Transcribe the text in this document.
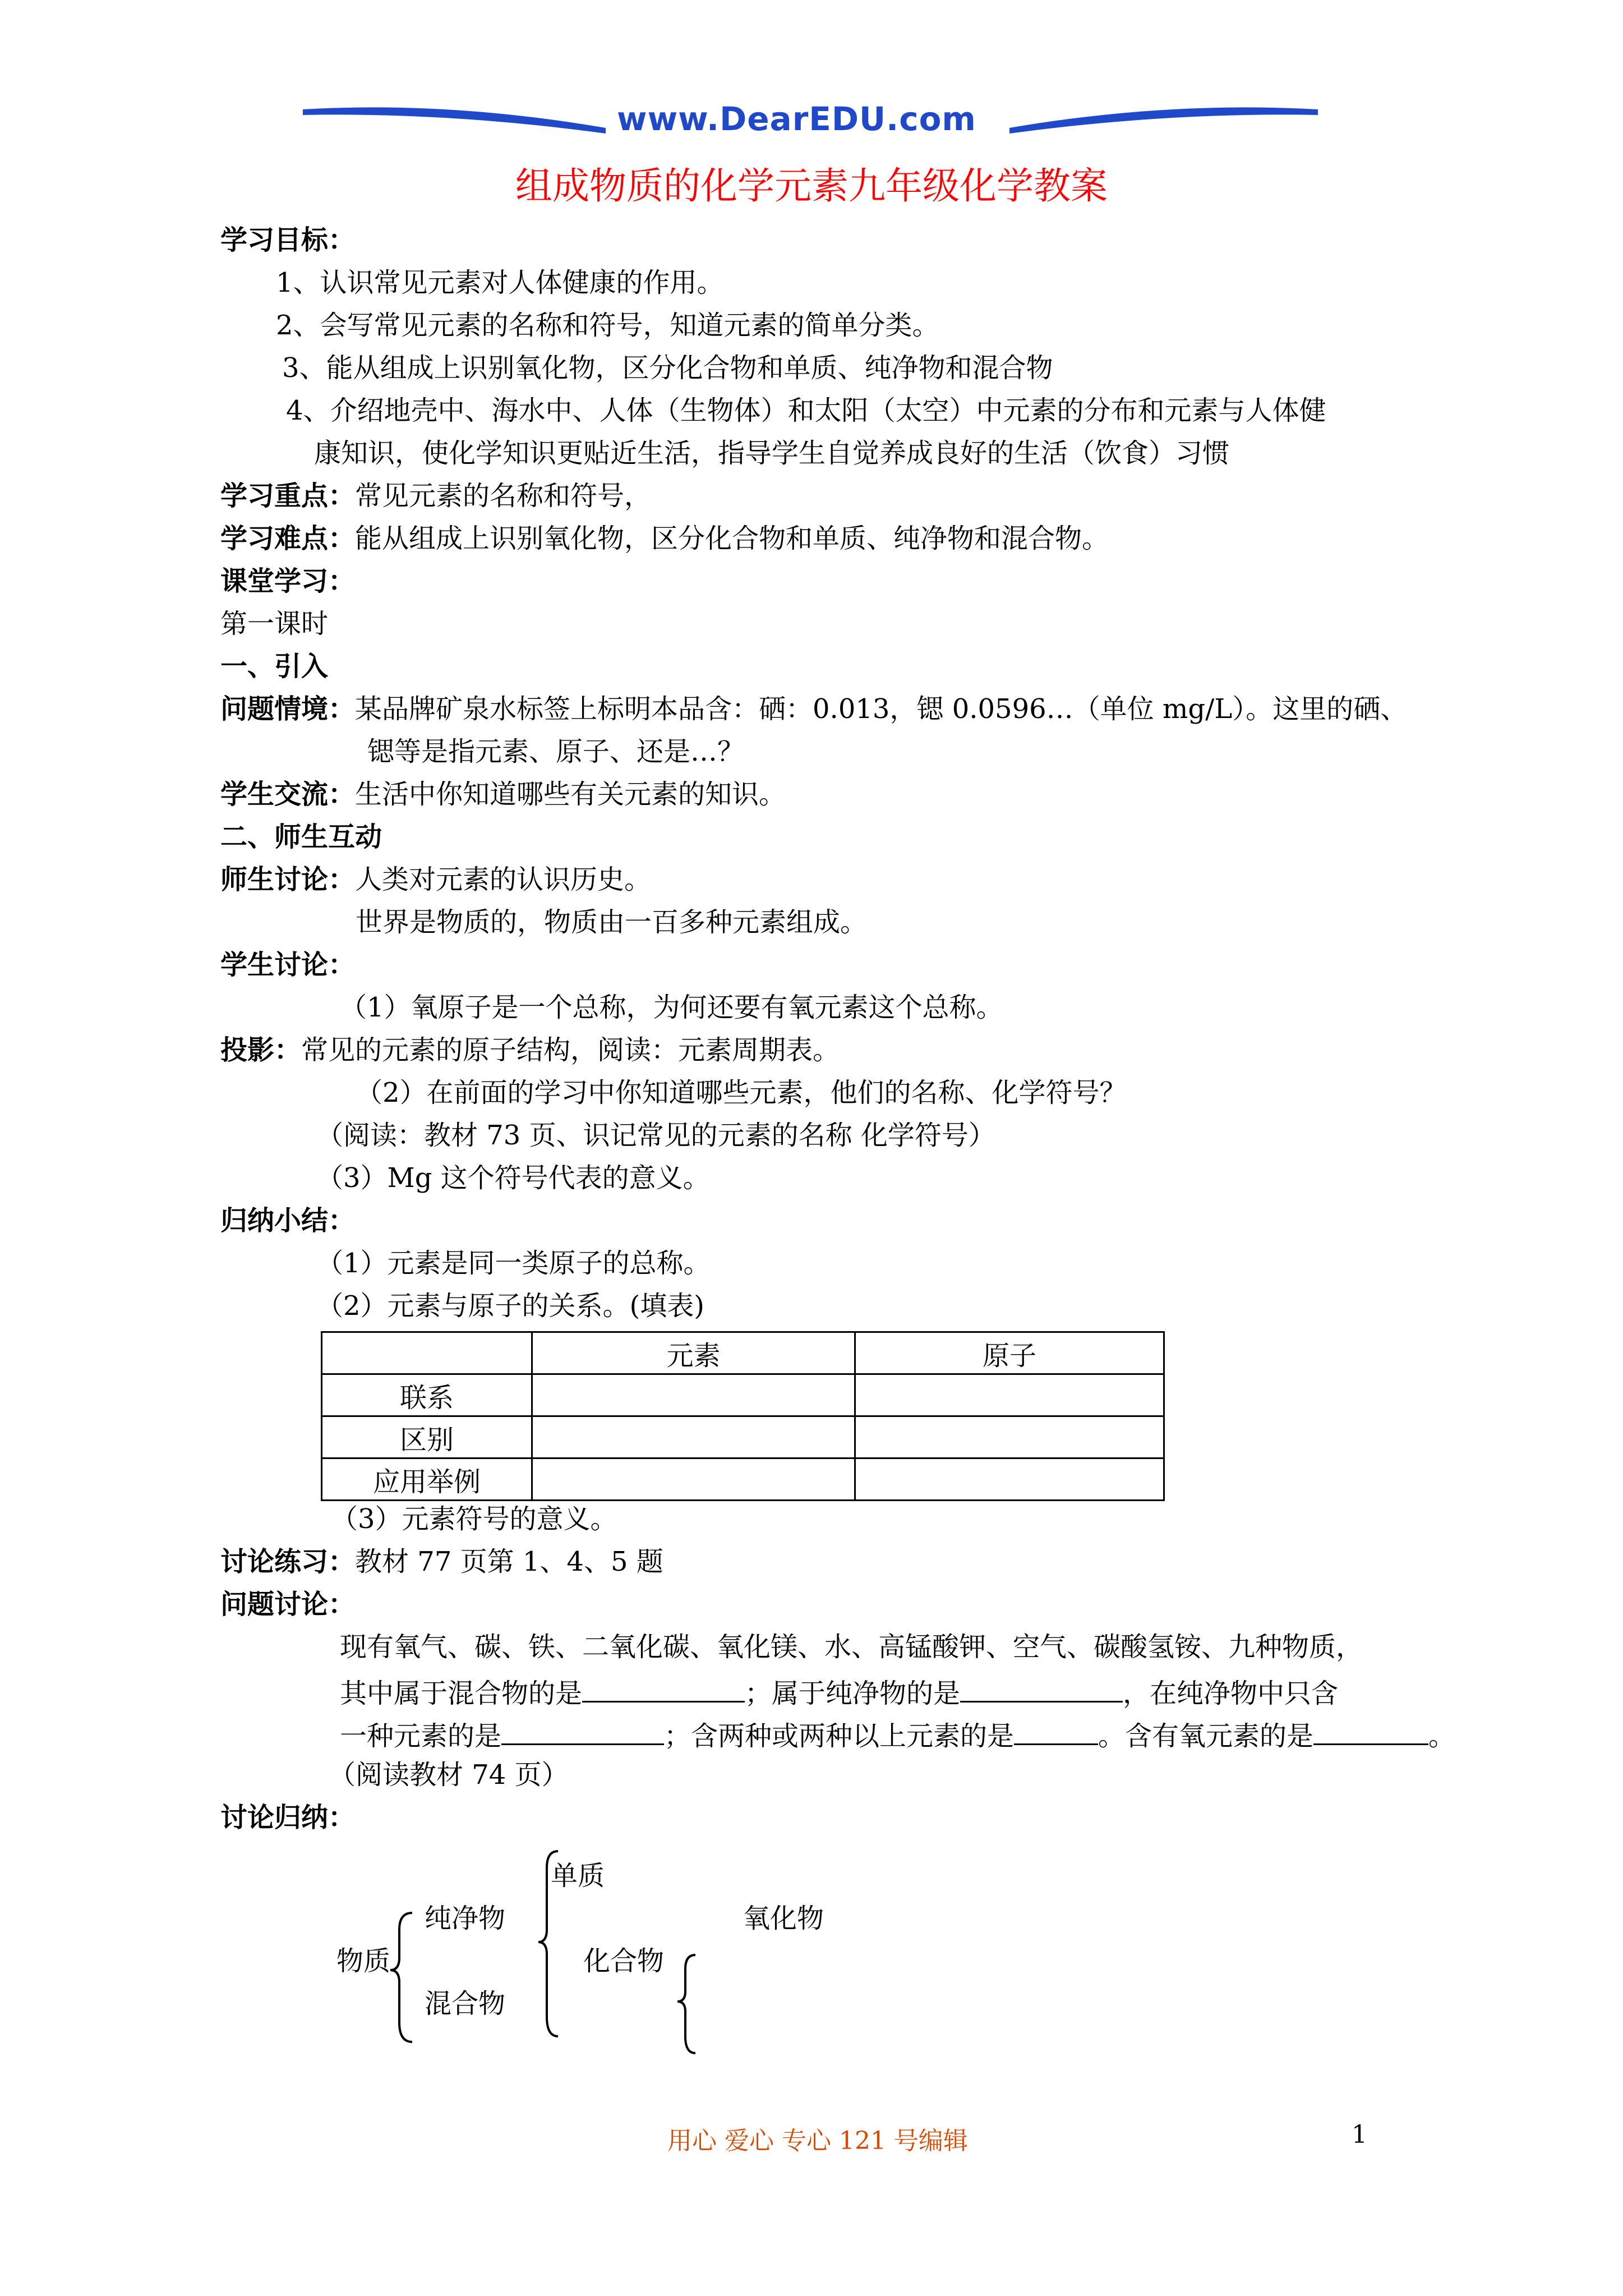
www.DearEDU.com
组成物质的化学元素九年级化学教案
学习目标：
1、认识常见元素对人体健康的作用。
2、会写常见元素的名称和符号，知道元素的简单分类。
3、能从组成上识别氧化物，区分化合物和单质、纯净物和混合物
4、介绍地壳中、海水中、人体（生物体）和太阳（太空）中元素的分布和元素与人体健
康知识，使化学知识更贴近生活，指导学生自觉养成良好的生活（饮食）习惯
学习重点：常见元素的名称和符号，
学习难点：能从组成上识别氧化物，区分化合物和单质、纯净物和混合物。
课堂学习：
第一课时
一、引入
问题情境：某品牌矿泉水标签上标明本品含：硒：0.013，锶 0.0596…（单位 mg/L）。这里的硒、
锶等是指元素、原子、还是…？
学生交流：生活中你知道哪些有关元素的知识。
二、师生互动
师生讨论：人类对元素的认识历史。
世界是物质的，物质由一百多种元素组成。
学生讨论：
（1）氧原子是一个总称，为何还要有氧元素这个总称。
投影：常见的元素的原子结构，阅读：元素周期表。
（2）在前面的学习中你知道哪些元素，他们的名称、化学符号？
（阅读：教材 73 页、识记常见的元素的名称 化学符号）
（3）Mg 这个符号代表的意义。
归纳小结：
（1）元素是同一类原子的总称。
（2）元素与原子的关系。(填表)
	元素	原子
联系		
区别		
应用举例		
（3）元素符号的意义。
讨论练习：教材 77 页第 1、4、5 题
问题讨论：
现有氧气、碳、铁、二氧化碳、氧化镁、水、高锰酸钾、空气、碳酸氢铵、九种物质，
其中属于混合物的是	；属于纯净物的是	，在纯净物中只含
一种元素的是	；含两种或两种以上元素的是	。含有氧元素的是	。
（阅读教材 74 页）
讨论归纳：
物质
纯净物
混合物
单质
化合物
氧化物
用心 爱心 专心 121 号编辑	1
